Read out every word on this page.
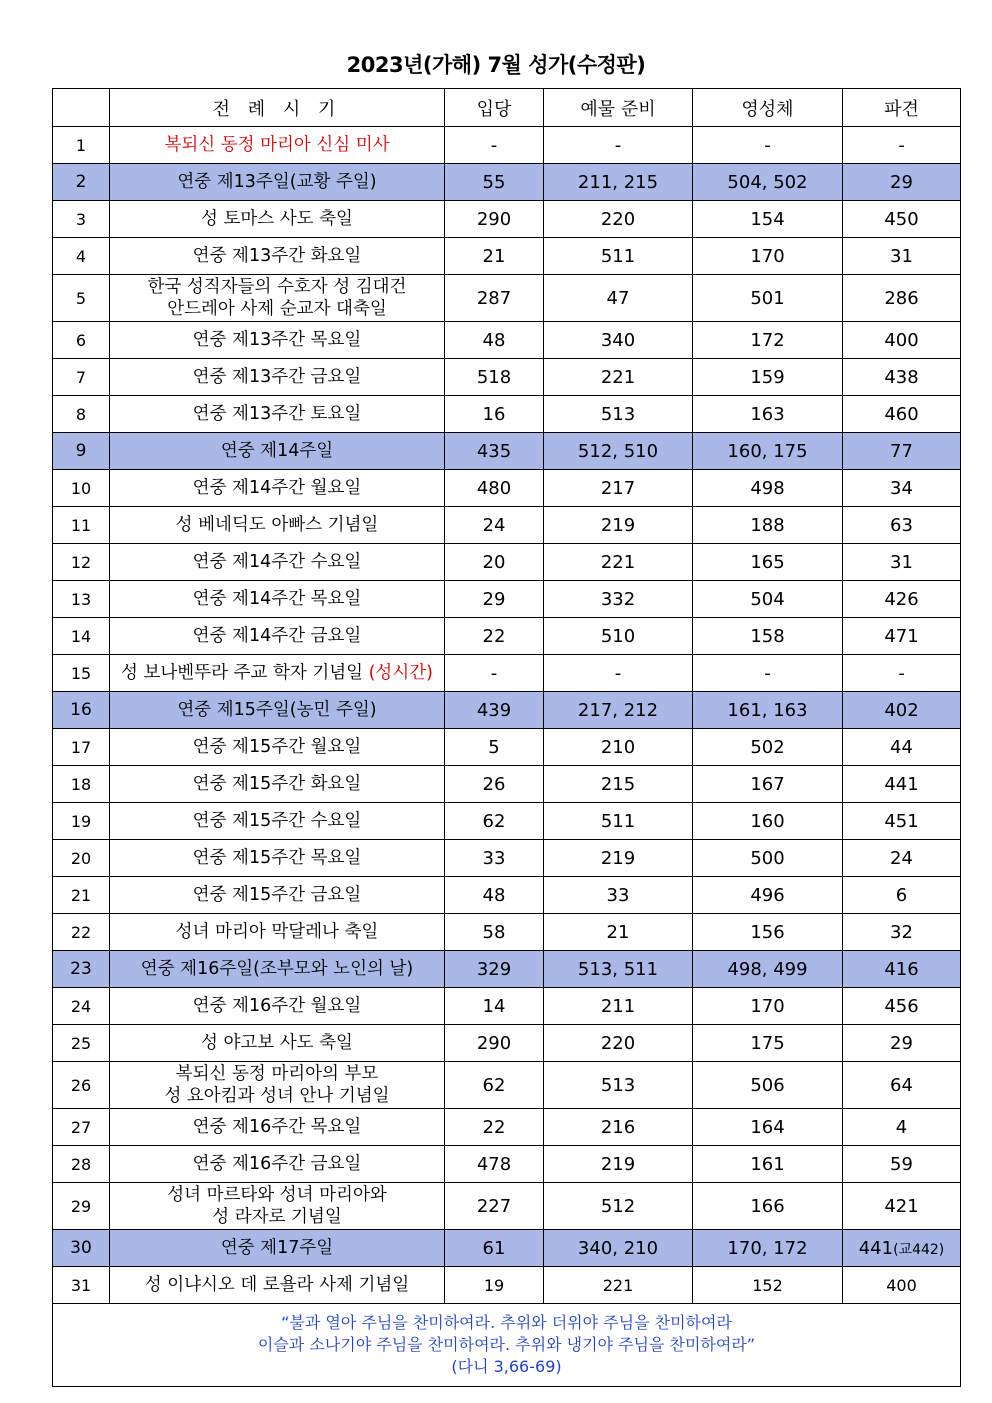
2023년(가해) 7월 성가(수정판)
	전 례 시 기	입당	예물 준비	영성체	파견
1	복되신 동정 마리아 신심 미사	-	-	-	-
2	연중 제13주일(교황 주일)	55	211, 215	504, 502	29
3	성 토마스 사도 축일	290	220	154	450
4	연중 제13주간 화요일	21	511	170	31
5	한국 성직자들의 수호자 성 김대건
안드레아 사제 순교자 대축일	287	47	501	286
6	연중 제13주간 목요일	48	340	172	400
7	연중 제13주간 금요일	518	221	159	438
8	연중 제13주간 토요일	16	513	163	460
9	연중 제14주일	435	512, 510	160, 175	77
10	연중 제14주간 월요일	480	217	498	34
11	성 베네딕도 아빠스 기념일	24	219	188	63
12	연중 제14주간 수요일	20	221	165	31
13	연중 제14주간 목요일	29	332	504	426
14	연중 제14주간 금요일	22	510	158	471
15	성 보나벤뚜라 주교 학자 기념일 (성시간)	-	-	-	-
16	연중 제15주일(농민 주일)	439	217, 212	161, 163	402
17	연중 제15주간 월요일	5	210	502	44
18	연중 제15주간 화요일	26	215	167	441
19	연중 제15주간 수요일	62	511	160	451
20	연중 제15주간 목요일	33	219	500	24
21	연중 제15주간 금요일	48	33	496	6
22	성녀 마리아 막달레나 축일	58	21	156	32
23	연중 제16주일(조부모와 노인의 날)	329	513, 511	498, 499	416
24	연중 제16주간 월요일	14	211	170	456
25	성 야고보 사도 축일	290	220	175	29
26	복되신 동정 마리아의 부모
성 요아킴과 성녀 안나 기념일	62	513	506	64
27	연중 제16주간 목요일	22	216	164	4
28	연중 제16주간 금요일	478	219	161	59
29	성녀 마르타와 성녀 마리아와
성 라자로 기념일	227	512	166	421
30	연중 제17주일	61	340, 210	170, 172	441(교442)
31	성 이냐시오 데 로욜라 사제 기념일	19	221	152	400
“불과 열아 주님을 찬미하여라. 추위와 더위야 주님을 찬미하여라
이슬과 소나기야 주님을 찬미하여라. 추위와 냉기야 주님을 찬미하여라”
(다니 3,66-69)					
